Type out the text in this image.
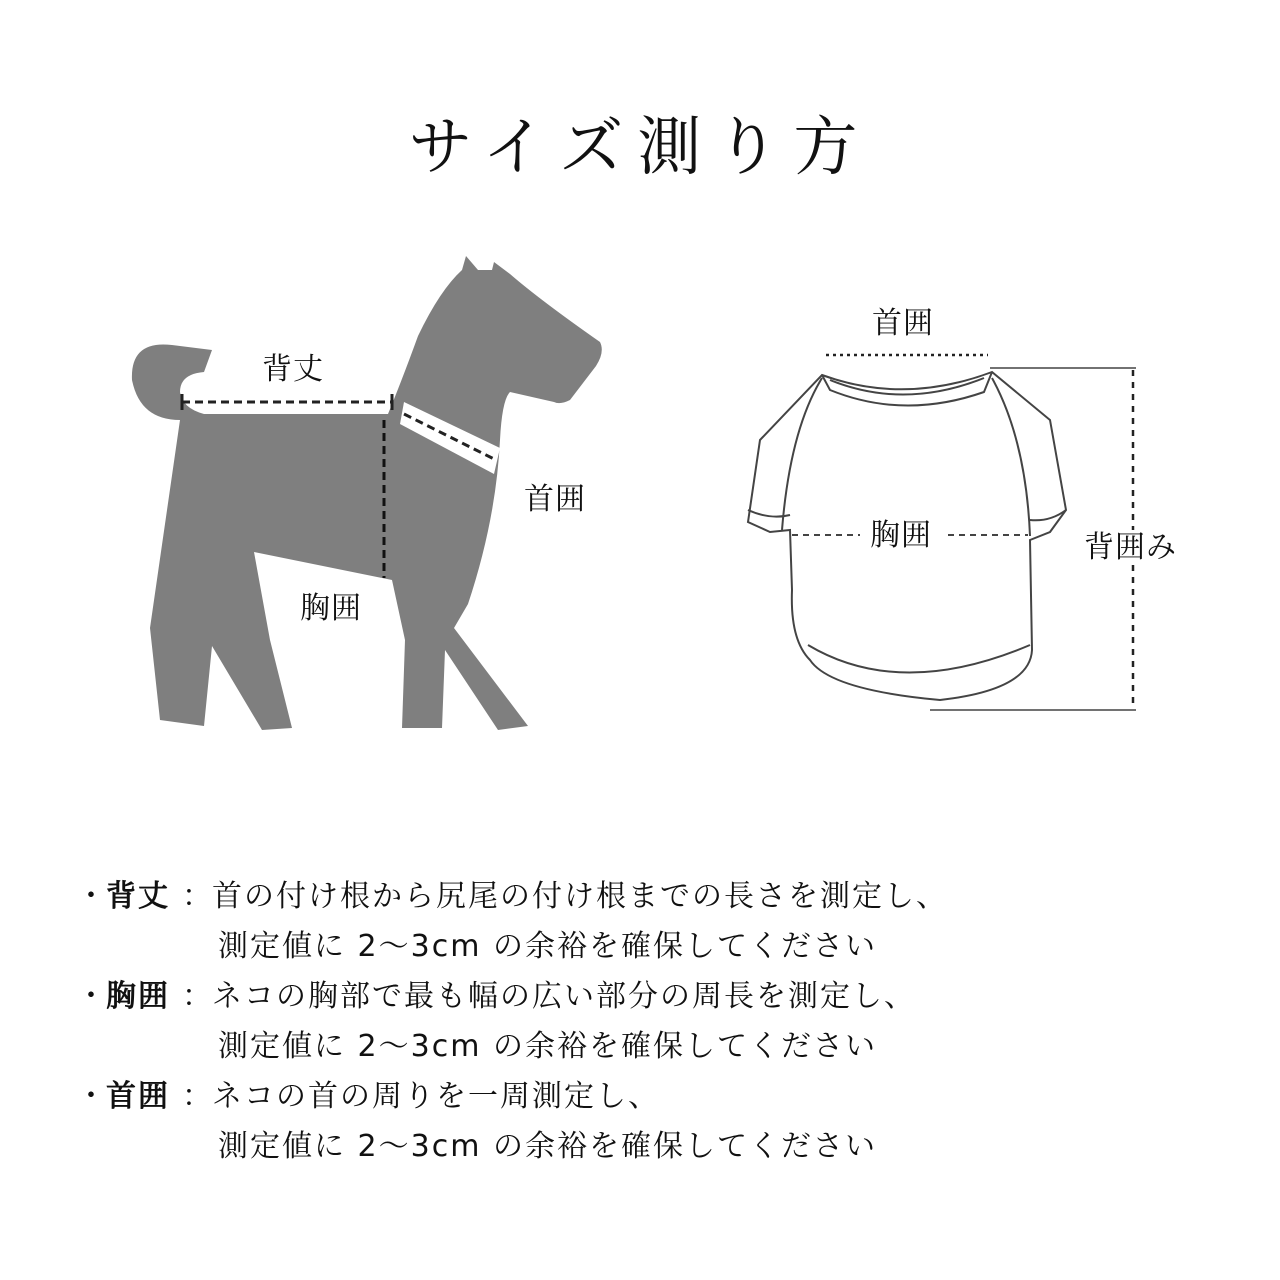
サイズ測り方
背丈
首囲
胸囲
首囲
胸囲	背囲み
・
背丈 ：
首の付け根から尻尾の付け根までの長さを測定し、
測定値に 2〜3cm の余裕を確保してください
・
胸囲 ：
ネコの胸部で最も幅の広い部分の周長を測定し、
測定値に 2〜3cm の余裕を確保してください
・
首囲 ：
ネコの首の周りを一周測定し、
測定値に 2〜3cm の余裕を確保してください
